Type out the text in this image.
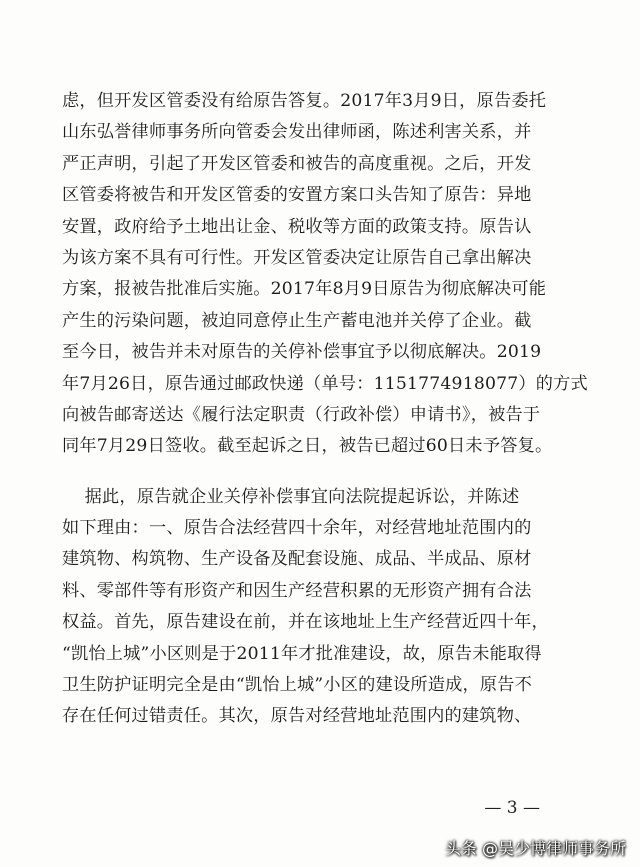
虑，但开发区管委没有给原告答复。2017年3月9日，原告委托
山东弘誉律师事务所向管委会发出律师函，陈述利害关系，并
严正声明，引起了开发区管委和被告的高度重视。之后，开发
区管委将被告和开发区管委的安置方案口头告知了原告：异地
安置，政府给予土地出让金、税收等方面的政策支持。原告认
为该方案不具有可行性。开发区管委决定让原告自己拿出解决
方案，报被告批准后实施。2017年8月9日原告为彻底解决可能
产生的污染问题，被迫同意停止生产蓄电池并关停了企业。截
至今日，被告并未对原告的关停补偿事宜予以彻底解决。2019
年7月26日，原告通过邮政快递（单号：1151774918077）的方式
向被告邮寄送达《履行法定职责（行政补偿）申请书》，被告于
同年7月29日签收。截至起诉之日，被告已超过60日未予答复。
据此，原告就企业关停补偿事宜向法院提起诉讼，并陈述
如下理由：一、原告合法经营四十余年，对经营地址范围内的
建筑物、构筑物、生产设备及配套设施、成品、半成品、原材
料、零部件等有形资产和因生产经营积累的无形资产拥有合法
权益。首先，原告建设在前，并在该地址上生产经营近四十年，
“凯怡上城”小区则是于2011年才批准建设，故，原告未能取得
卫生防护证明完全是由“凯怡上城”小区的建设所造成，原告不
存在任何过错责任。其次，原告对经营地址范围内的建筑物、
— 3 —
头条 @吴少博律师事务所
